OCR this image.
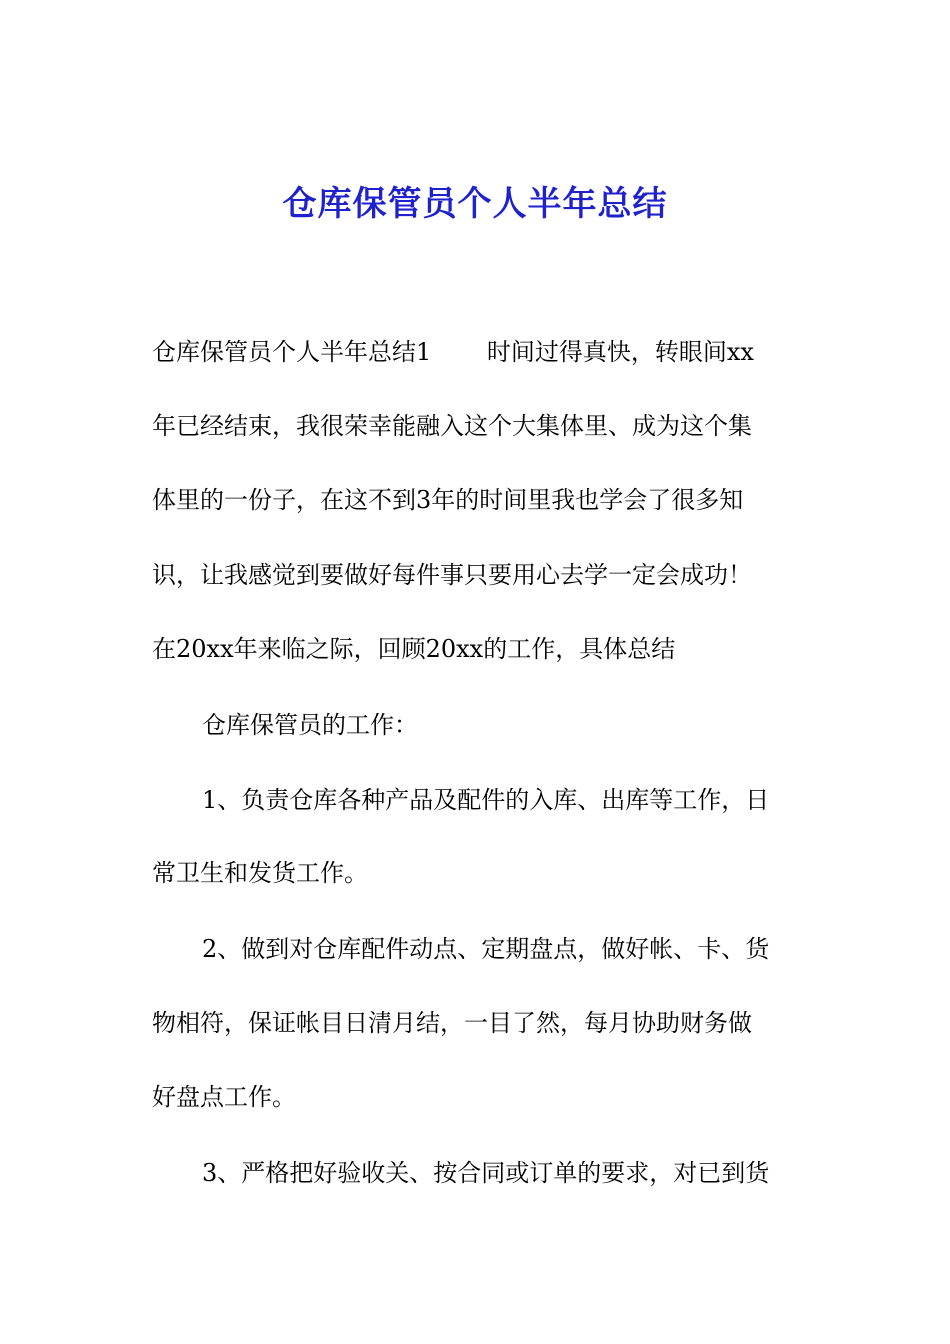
仓库保管员个人半年总结
仓库保管员个人半年总结1　　 时间过得真快，转眼间xx
年已经结束，我很荣幸能融入这个大集体里、成为这个集
体里的一份子，在这不到3年的时间里我也学会了很多知
识，让我感觉到要做好每件事只要用心去学一定会成功！
在20xx年来临之际，回顾20xx的工作，具体总结
仓库保管员的工作：
1、负责仓库各种产品及配件的入库、出库等工作，日
常卫生和发货工作。
2、做到对仓库配件动点、定期盘点，做好帐、卡、货
物相符，保证帐目日清月结，一目了然，每月协助财务做
好盘点工作。
3、严格把好验收关、按合同或订单的要求，对已到货
